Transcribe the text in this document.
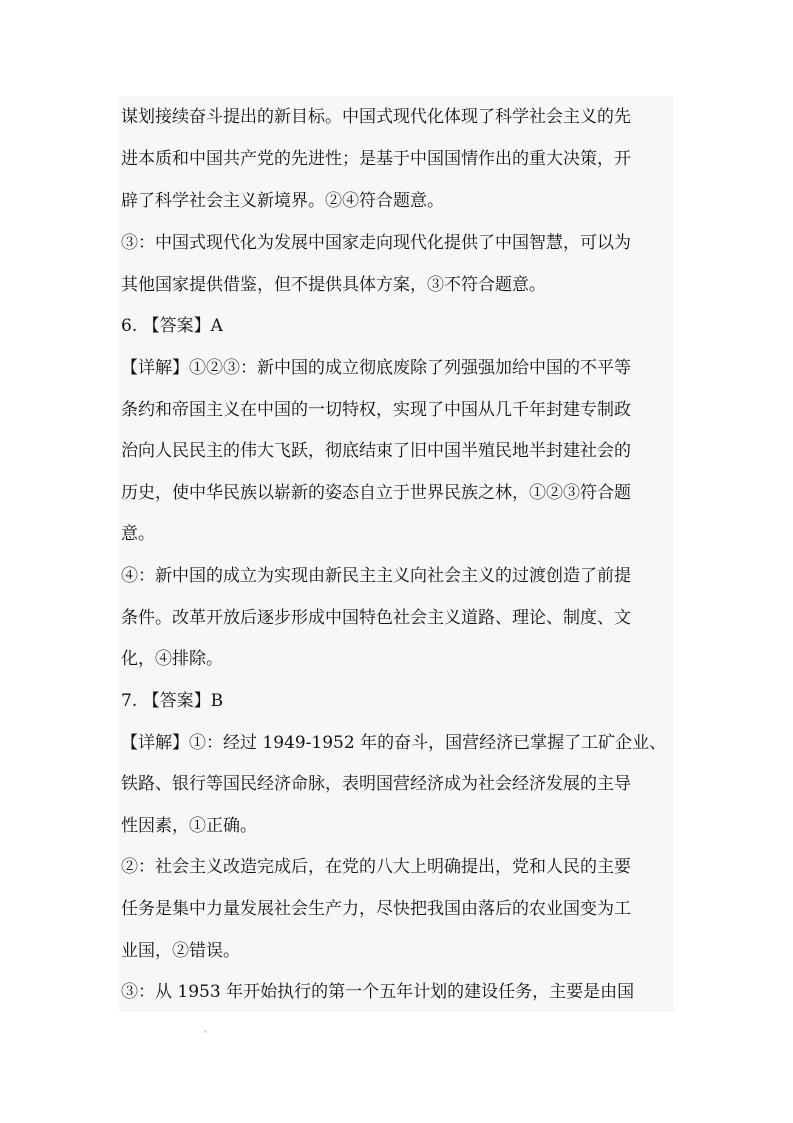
谋划接续奋斗提出的新目标。中国式现代化体现了科学社会主义的先
进本质和中国共产党的先进性；是基于中国国情作出的重大决策，开
辟了科学社会主义新境界。②④符合题意。
③：中国式现代化为发展中国家走向现代化提供了中国智慧，可以为
其他国家提供借鉴，但不提供具体方案，③不符合题意。
6. 【答案】A
【详解】①②③：新中国的成立彻底废除了列强强加给中国的不平等
条约和帝国主义在中国的一切特权，实现了中国从几千年封建专制政
治向人民民主的伟大飞跃，彻底结束了旧中国半殖民地半封建社会的
历史，使中华民族以崭新的姿态自立于世界民族之林，①②③符合题
意。
④：新中国的成立为实现由新民主主义向社会主义的过渡创造了前提
条件。改革开放后逐步形成中国特色社会主义道路、理论、制度、文
化，④排除。
7. 【答案】B
【详解】①：经过 1949-1952 年的奋斗，国营经济已掌握了工矿企业、
铁路、银行等国民经济命脉，表明国营经济成为社会经济发展的主导
性因素，①正确。
②：社会主义改造完成后，在党的八大上明确提出，党和人民的主要
任务是集中力量发展社会生产力，尽快把我国由落后的农业国变为工
业国，②错误。
③：从 1953 年开始执行的第一个五年计划的建设任务，主要是由国
